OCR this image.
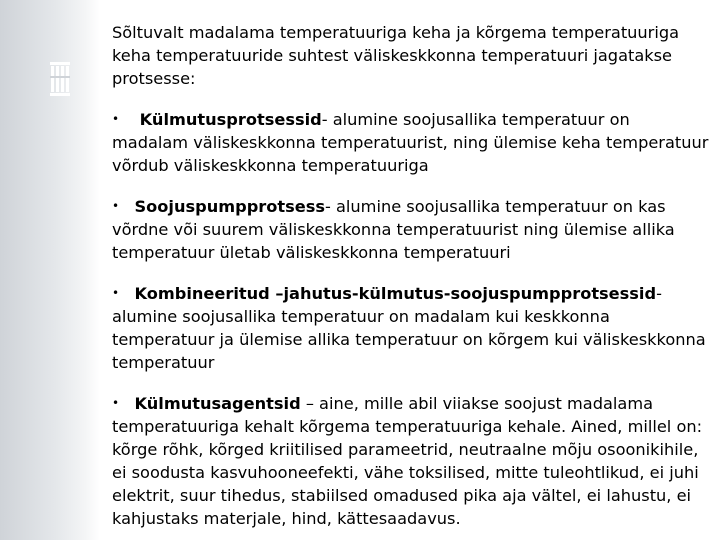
Sõltuvalt madalama temperatuuriga keha ja kõrgema temperatuuriga keha temperatuuride suhtest väliskeskkonna temperatuuri jagatakse protsesse:

• Külmutusprotsessid- alumine soojusallika temperatuur on madalam väliskeskkonna temperatuurist, ning ülemise keha temperatuur võrdub väliskeskkonna temperatuuriga

• Soojuspumpprotsess- alumine soojusallika temperatuur on kas võrdne või suurem väliskeskkonna temperatuurist ning ülemise allika temperatuur ületab väliskeskkonna temperatuuri

• Kombineeritud –jahutus-külmutus-soojuspumpprotsessid-alumine soojusallika temperatuur on madalam kui keskkonna temperatuur ja ülemise allika temperatuur on kõrgem kui väliskeskkonna temperatuur

• Külmutusagentsid – aine, mille abil viiakse soojust madalama temperatuuriga kehalt kõrgema temperatuuriga kehale. Ained, millel on: kõrge rõhk, kõrged kriitilised parameetrid, neutraalne mõju osoonikihile, ei soodusta kasvuhooneefekti, vähe toksilised, mitte tuleohtlikud, ei juhi elektrit, suur tihedus, stabiilsed omadused pika aja vältel, ei lahustu, ei kahjustaks materjale, hind, kättesaadavus.
